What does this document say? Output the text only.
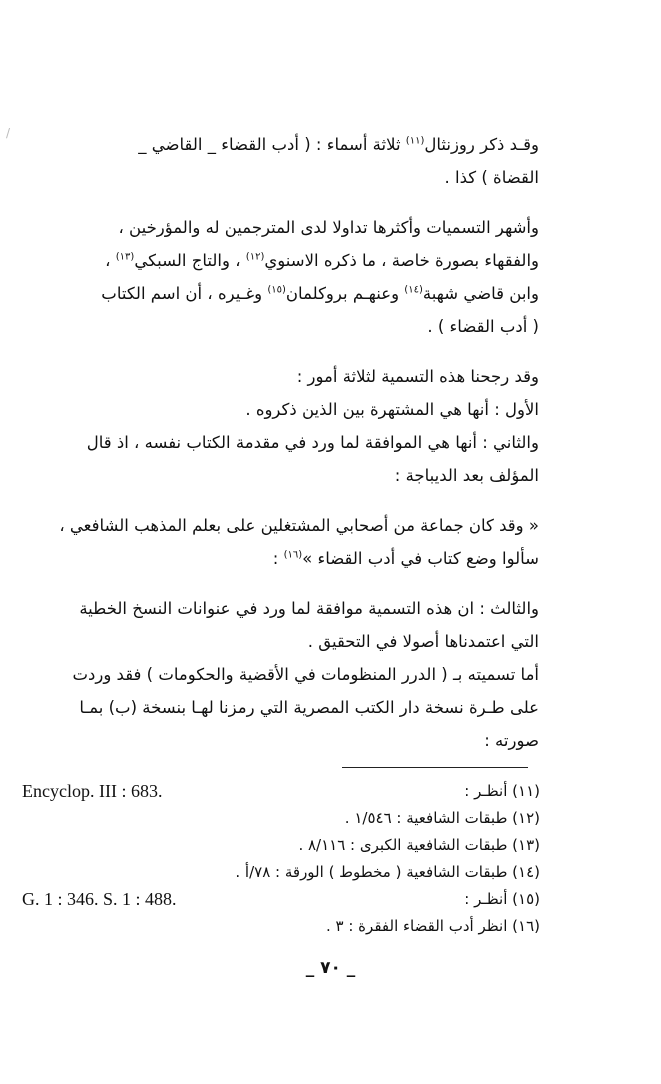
/

وقـد ذكر روزنثال$^{(١١)}$ ثلاثة أسماء : ( أدب القضاء _ القاضي _

القضاة ) كذا .

وأشهر التسميات وأكثرها تداولا لدى المترجمين له والمؤرخين ،

والفقهاء بصورة خاصة ، ما ذكره الاسنوي$^{(١٢)}$ ، والتاج السبكي$^{(١٣)}$ ،

وابن قاضي شهبة$^{(١٤)}$ وعنهـم بروكلمان$^{(١٥)}$ وغـيره ، أن اسم الكتاب

( أدب القضاء ) .

وقد رجحنا هذه التسمية لثلاثة أمور :

الأول : أنها هي المشتهرة بين الذين ذكروه .

والثاني : أنها هي الموافقة لما ورد في مقدمة الكتاب نفسه ، اذ قال

المؤلف بعد الديباجة :

« وقد كان جماعة من أصحابي المشتغلين على بعلم المذهب الشافعي ،

سألوا وضع كتاب في أدب القضاء »$^{(١٦)}$ :

والثالث : ان هذه التسمية موافقة لما ورد في عنوانات النسخ الخطية

التي اعتمدناها أصولا في التحقيق .

أما تسميته بـ ( الدرر المنظومات في الأقضية والحكومات ) فقد وردت

على طـرة نسخة دار الكتب المصرية التي رمزنا لهـا بنسخة (ب) بمـا

صورته :

(١١) أنظـر :
Encyclop. III : 683.
(١٢) طبقات الشافعية : ١/٥٤٦ .
(١٣) طبقات الشافعية الكبرى : ٨/١١٦ .
(١٤) طبقات الشافعية ( مخطوط ) الورقة : ٧٨/أ .
(١٥) أنظـر :
G. 1 : 346. S. 1 : 488.
(١٦) انظر أدب القضاء الفقرة : ٣ .
_ ٧٠ _
